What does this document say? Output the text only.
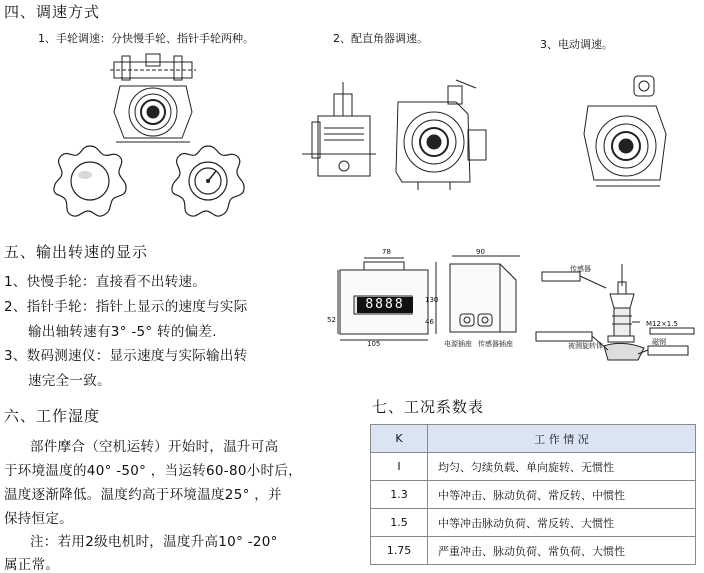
四、调速方式
1、手轮调速：分快慢手轮、指针手轮两种。	2、配直角器调速。	3、电动调速。
五、输出转速的显示
1、快慢手轮：直接看不出转速。
2、指针手轮：指针上显示的速度与实际
输出轴转速有3° -5° 转的偏差.
3、数码测速仪：显示速度与实际输出转
速完全一致。
8888
78
52
105
90
46
130
电源插座 传感器插座
传感器
M12×1.5
磁钢
被测旋转体
六、工作湿度
部件摩合（空机运转）开始时，温升可高
于环境温度的40° -50° ，当运转60-80小时后，
温度逐渐降低。温度约高于环境温度25° ，并
保持恒定。
注：若用2级电机时，温度升高10° -20°
属正常。
七、工况系数表
K	工 作 情 况
I	均匀、匀续负载、单向旋转、无惯性
1.3	中等冲击、脉动负荷、常反转、中惯性
1.5	中等冲击脉动负荷、常反转、大惯性
1.75	严重冲击、脉动负荷、常负荷、大惯性
